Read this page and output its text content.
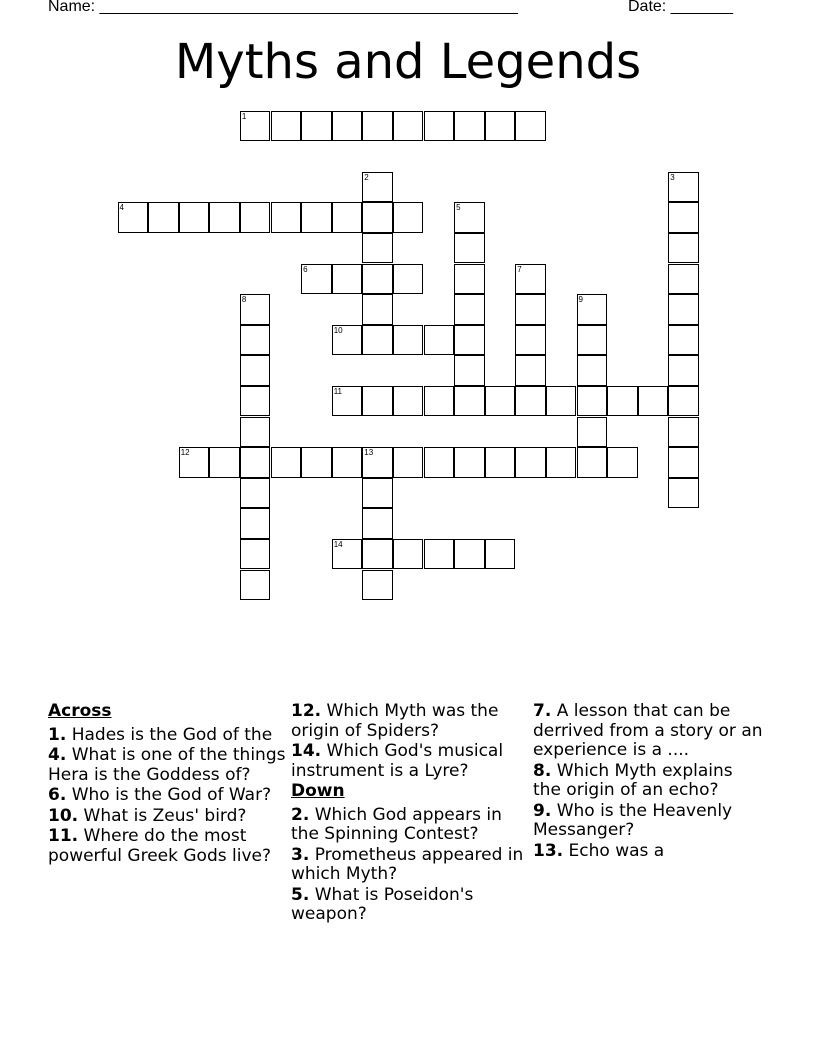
Name: _______________________________________________	Date: _______
Myths and Legends
1
2	3
4	5
6	7
8	9
10
11
12	13
14
Across
1. Hades is the God of the
4. What is one of the things Hera is the Goddess of?
6. Who is the God of War?
10. What is Zeus' bird?
11. Where do the most powerful Greek Gods live?
12. Which Myth was the origin of Spiders?
14. Which God's musical instrument is a Lyre?
Down
2. Which God appears in the Spinning Contest?
3. Prometheus appeared in which Myth?
5. What is Poseidon's weapon?
7. A lesson that can be derrived from a story or an experience is a ....
8. Which Myth explains the origin of an echo?
9. Who is the Heavenly Messanger?
13. Echo was a
